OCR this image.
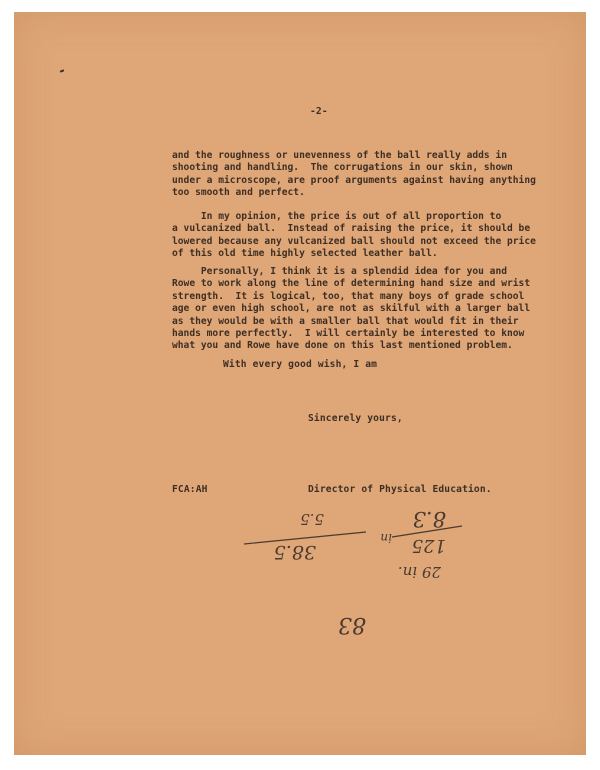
-2-
and the roughness or unevenness of the ball really adds in
shooting and handling.  The corrugations in our skin, shown
under a microscope, are proof arguments against having anything
too smooth and perfect.
In my opinion, the price is out of all proportion to
a vulcanized ball.  Instead of raising the price, it should be
lowered because any vulcanized ball should not exceed the price
of this old time highly selected leather ball.
Personally, I think it is a splendid idea for you and
Rowe to work along the line of determining hand size and wrist
strength.  It is logical, too, that many boys of grade school
age or even high school, are not as skilful with a larger ball
as they would be with a smaller ball that would fit in their
hands more perfectly.  I will certainly be interested to know
what you and Rowe have done on this last mentioned problem.
With every good wish, I am
Sincerely yours,
FCA:AH	Director of Physical Education.
5.5
38.5
in
8.3
125
29 in.
83
